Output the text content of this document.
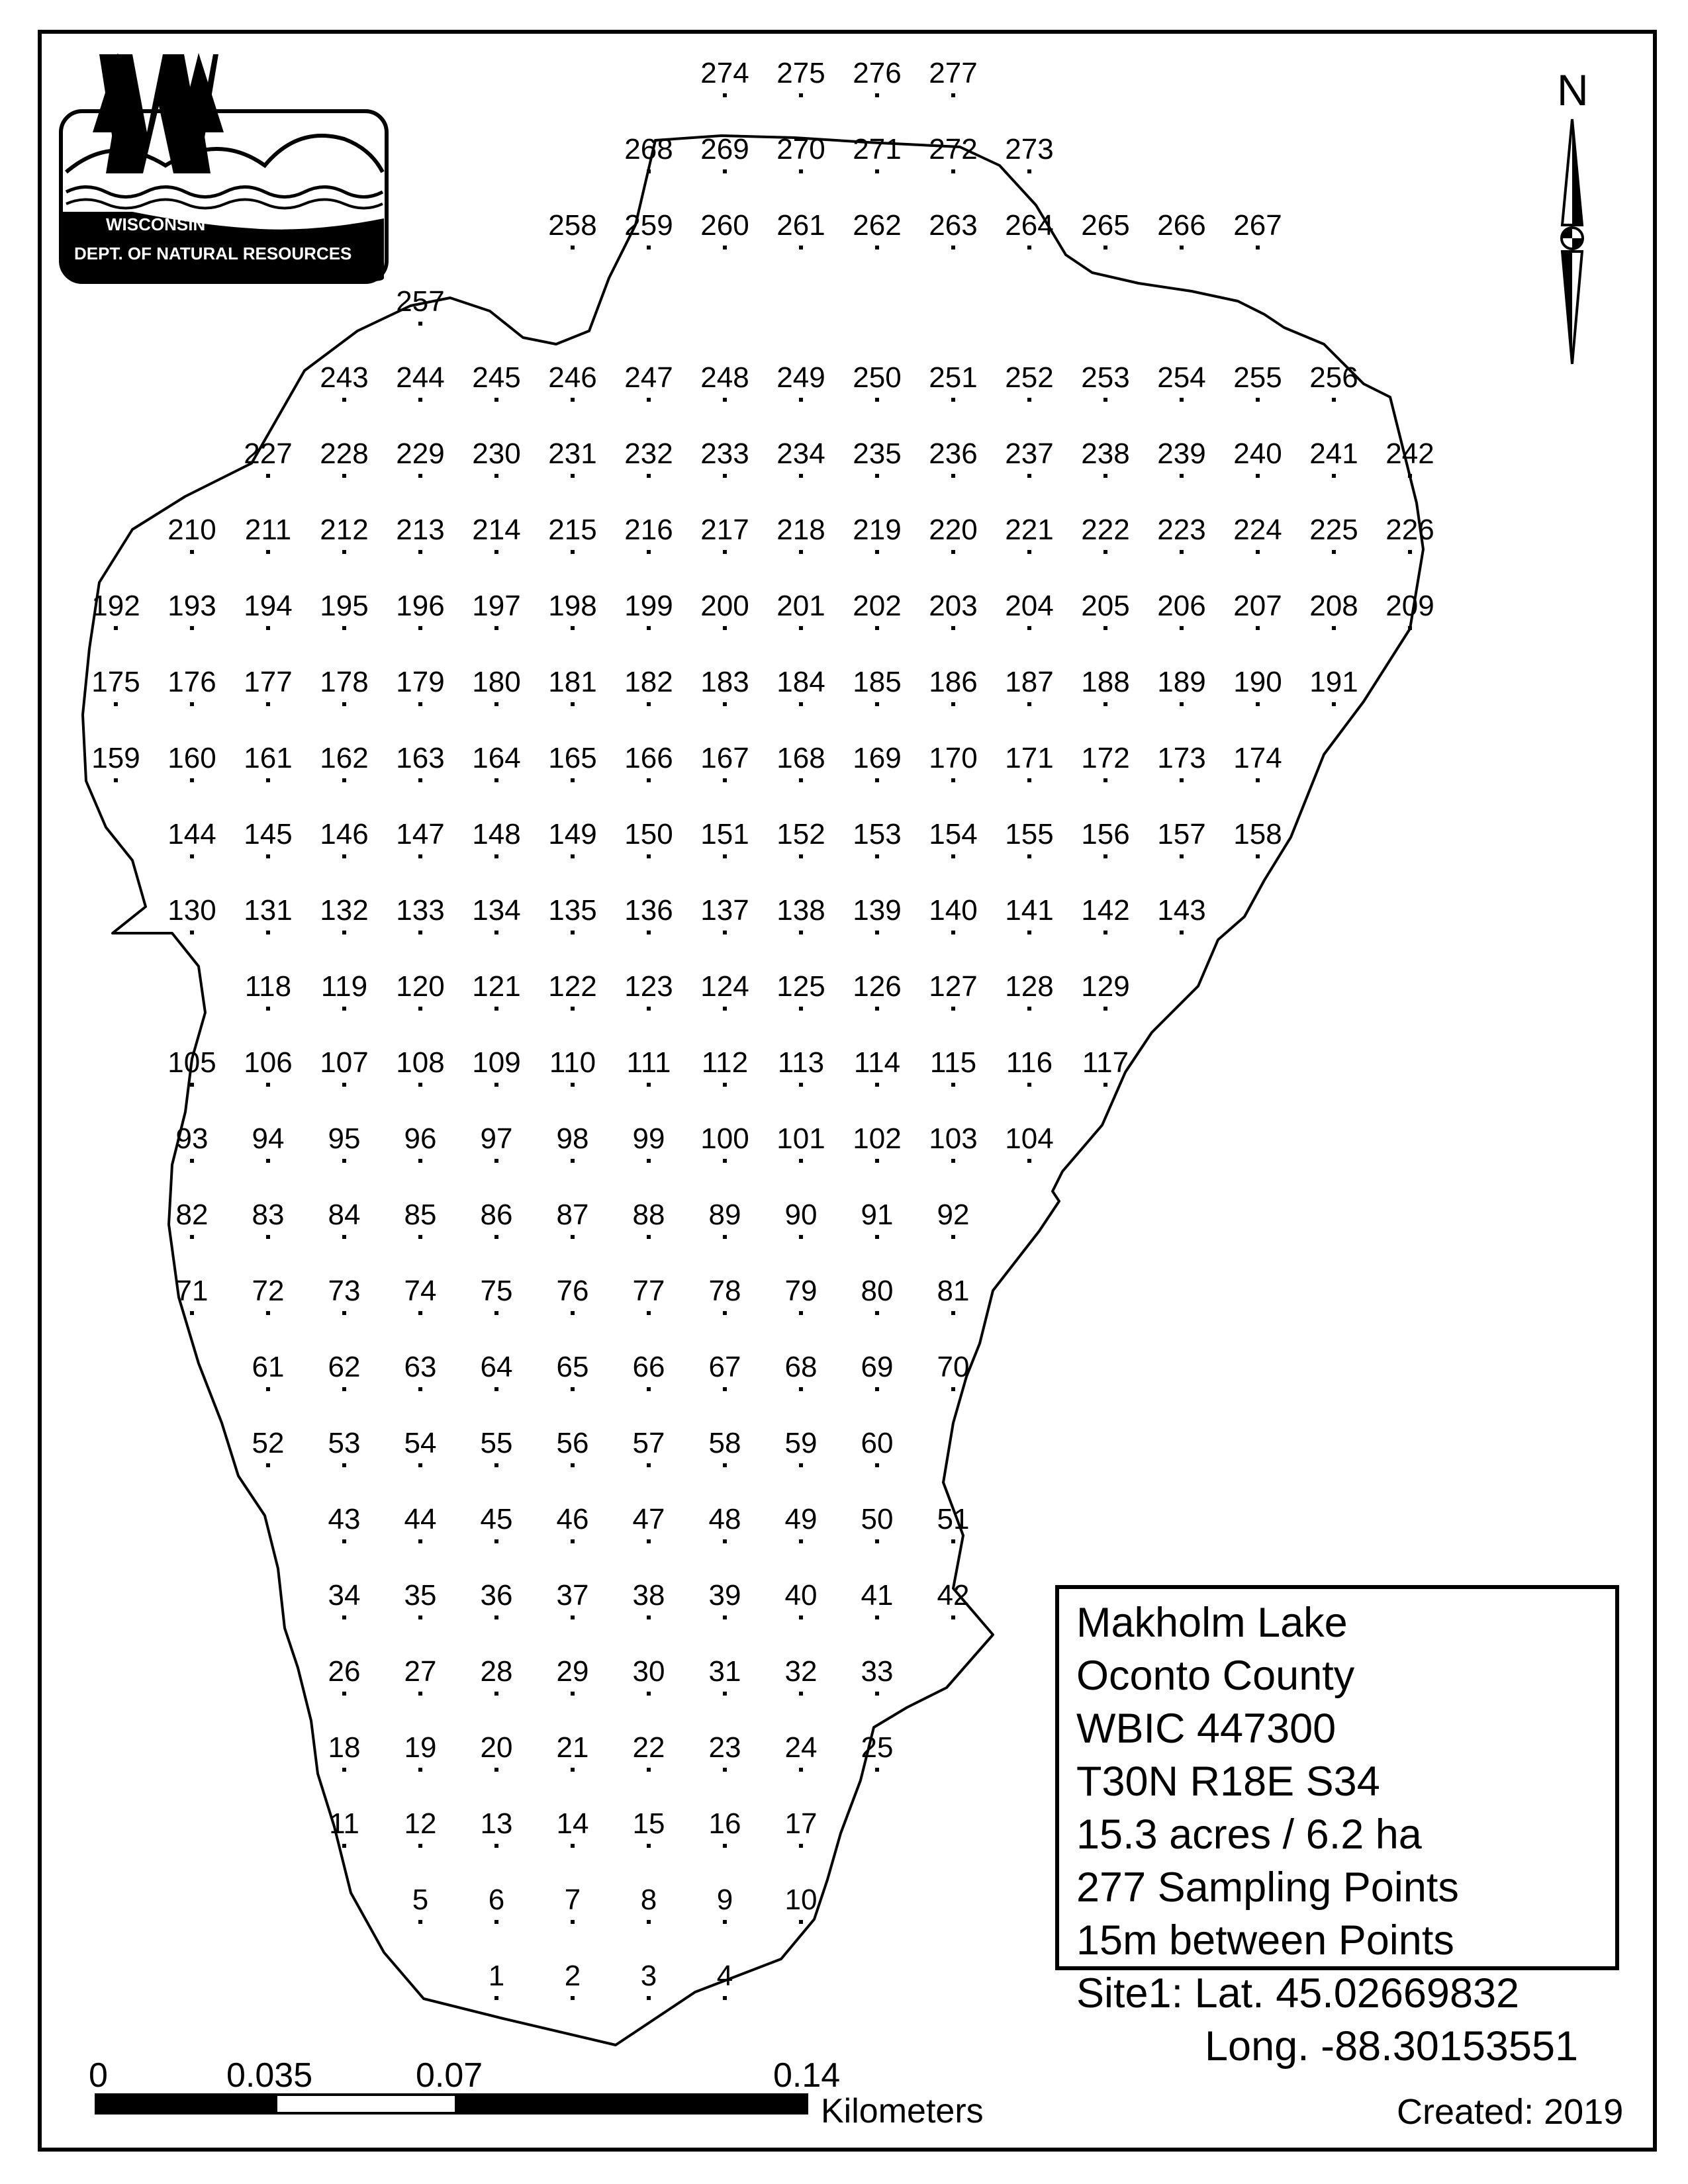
WISCONSIN
DEPT. OF NATURAL RESOURCES
1 2 3 4
5 6 7 8 9 10
11 12 13 14 15 16 17
18 19 20 21 22 23 24 25
26 27 28 29 30 31 32 33
34 35 36 37 38 39 40 41 42
43 44 45 46 47 48 49 50 51
52 53 54 55 56 57 58 59 60
61 62 63 64 65 66 67 68 69 70
71 72 73 74 75 76 77 78 79 80 81
82 83 84 85 86 87 88 89 90 91 92
93 94 95 96 97 98 99 100 101 102 103 104
105 106 107 108 109 110 111 112 113 114 115 116 117
118 119 120 121 122 123 124 125 126 127 128 129
130 131 132 133 134 135 136 137 138 139 140 141 142 143
144 145 146 147 148 149 150 151 152 153 154 155 156 157 158
159 160 161 162 163 164 165 166 167 168 169 170 171 172 173 174
175 176 177 178 179 180 181 182 183 184 185 186 187 188 189 190 191
192 193 194 195 196 197 198 199 200 201 202 203 204 205 206 207 208 209
210 211 212 213 214 215 216 217 218 219 220 221 222 223 224 225 226
227 228 229 230 231 232 233 234 235 236 237 238 239 240 241 242
243 244 245 246 247 248 249 250 251 252 253 254 255 256
257
258 259 260 261 262 263 264 265 266 267
268 269 270 271 272 273
274 275 276 277	N
0	0.035	0.07	0.14
Kilometers
Makholm Lake
Oconto County
WBIC 447300
T30N R18E S34
15.3 acres / 6.2 ha
277 Sampling Points
15m between Points
Site1: Lat. 45.02669832
Long. -88.30153551
Created: 2019
